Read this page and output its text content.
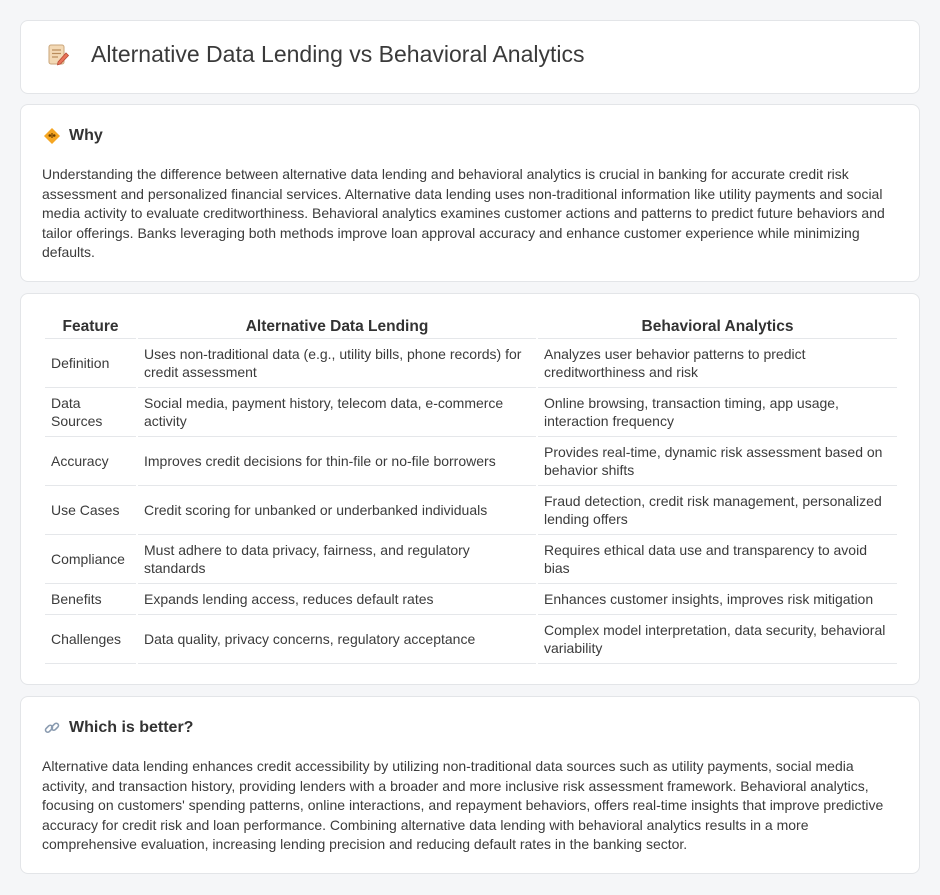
Alternative Data Lending vs Behavioral Analytics
Why

Understanding the difference between alternative data lending and behavioral analytics is crucial in banking for accurate credit risk assessment and personalized financial services. Alternative data lending uses non-traditional information like utility payments and social media activity to evaluate creditworthiness. Behavioral analytics examines customer actions and patterns to predict future behaviors and tailor offerings. Banks leveraging both methods improve loan approval accuracy and enhance customer experience while minimizing defaults.

Feature	Alternative Data Lending	Behavioral Analytics
Definition	Uses non-traditional data (e.g., utility bills, phone records) for credit assessment	Analyzes user behavior patterns to predict creditworthiness and risk
Data Sources	Social media, payment history, telecom data, e-commerce activity	Online browsing, transaction timing, app usage, interaction frequency
Accuracy	Improves credit decisions for thin-file or no-file borrowers	Provides real-time, dynamic risk assessment based on behavior shifts
Use Cases	Credit scoring for unbanked or underbanked individuals	Fraud detection, credit risk management, personalized lending offers
Compliance	Must adhere to data privacy, fairness, and regulatory standards	Requires ethical data use and transparency to avoid bias
Benefits	Expands lending access, reduces default rates	Enhances customer insights, improves risk mitigation
Challenges	Data quality, privacy concerns, regulatory acceptance	Complex model interpretation, data security, behavioral variability
Which is better?

Alternative data lending enhances credit accessibility by utilizing non-traditional data sources such as utility payments, social media activity, and transaction history, providing lenders with a broader and more inclusive risk assessment framework. Behavioral analytics, focusing on customers' spending patterns, online interactions, and repayment behaviors, offers real-time insights that improve predictive accuracy for credit risk and loan performance. Combining alternative data lending with behavioral analytics results in a more comprehensive evaluation, increasing lending precision and reducing default rates in the banking sector.
